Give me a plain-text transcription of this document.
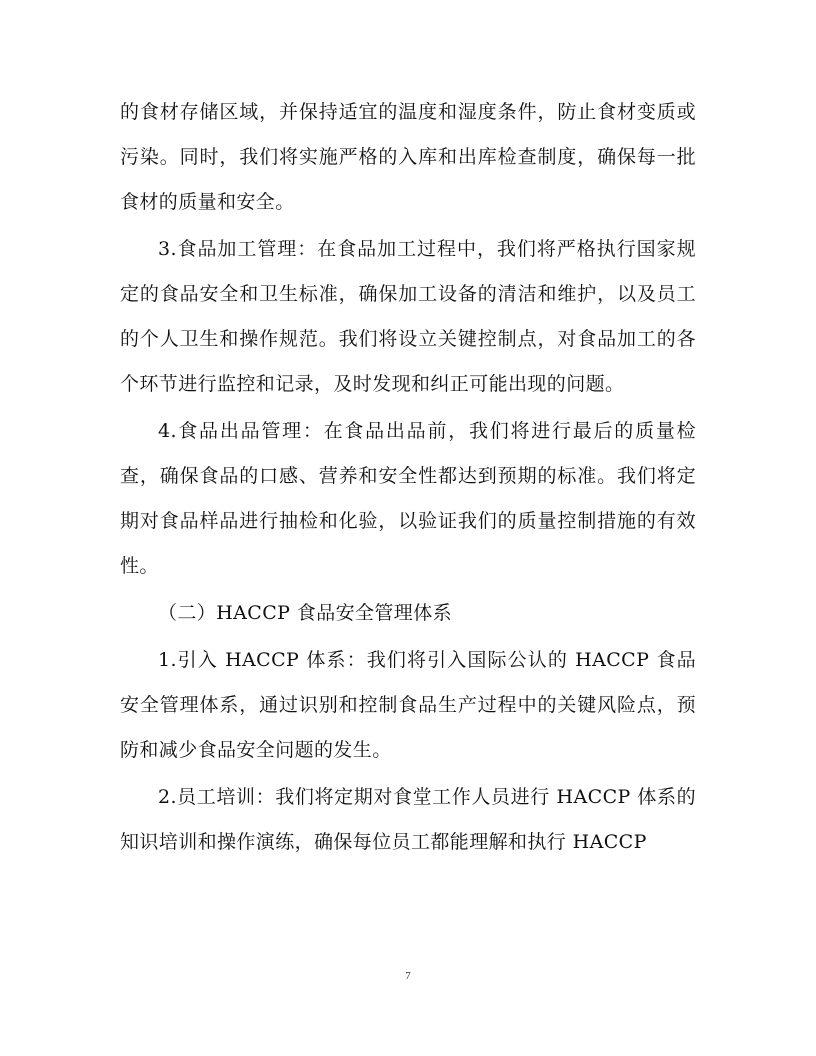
的食材存储区域，并保持适宜的温度和湿度条件，防止食材变质或污染。同时，我们将实施严格的入库和出库检查制度，确保每一批食材的质量和安全。

3.食品加工管理：在食品加工过程中，我们将严格执行国家规定的食品安全和卫生标准，确保加工设备的清洁和维护，以及员工的个人卫生和操作规范。我们将设立关键控制点，对食品加工的各个环节进行监控和记录，及时发现和纠正可能出现的问题。

4.食品出品管理：在食品出品前，我们将进行最后的质量检查，确保食品的口感、营养和安全性都达到预期的标准。我们将定期对食品样品进行抽检和化验，以验证我们的质量控制措施的有效性。

（二）HACCP 食品安全管理体系

1.引入 HACCP 体系：我们将引入国际公认的 HACCP 食品安全管理体系，通过识别和控制食品生产过程中的关键风险点，预防和减少食品安全问题的发生。

2.员工培训：我们将定期对食堂工作人员进行 HACCP 体系的知识培训和操作演练，确保每位员工都能理解和执行 HACCP

7
